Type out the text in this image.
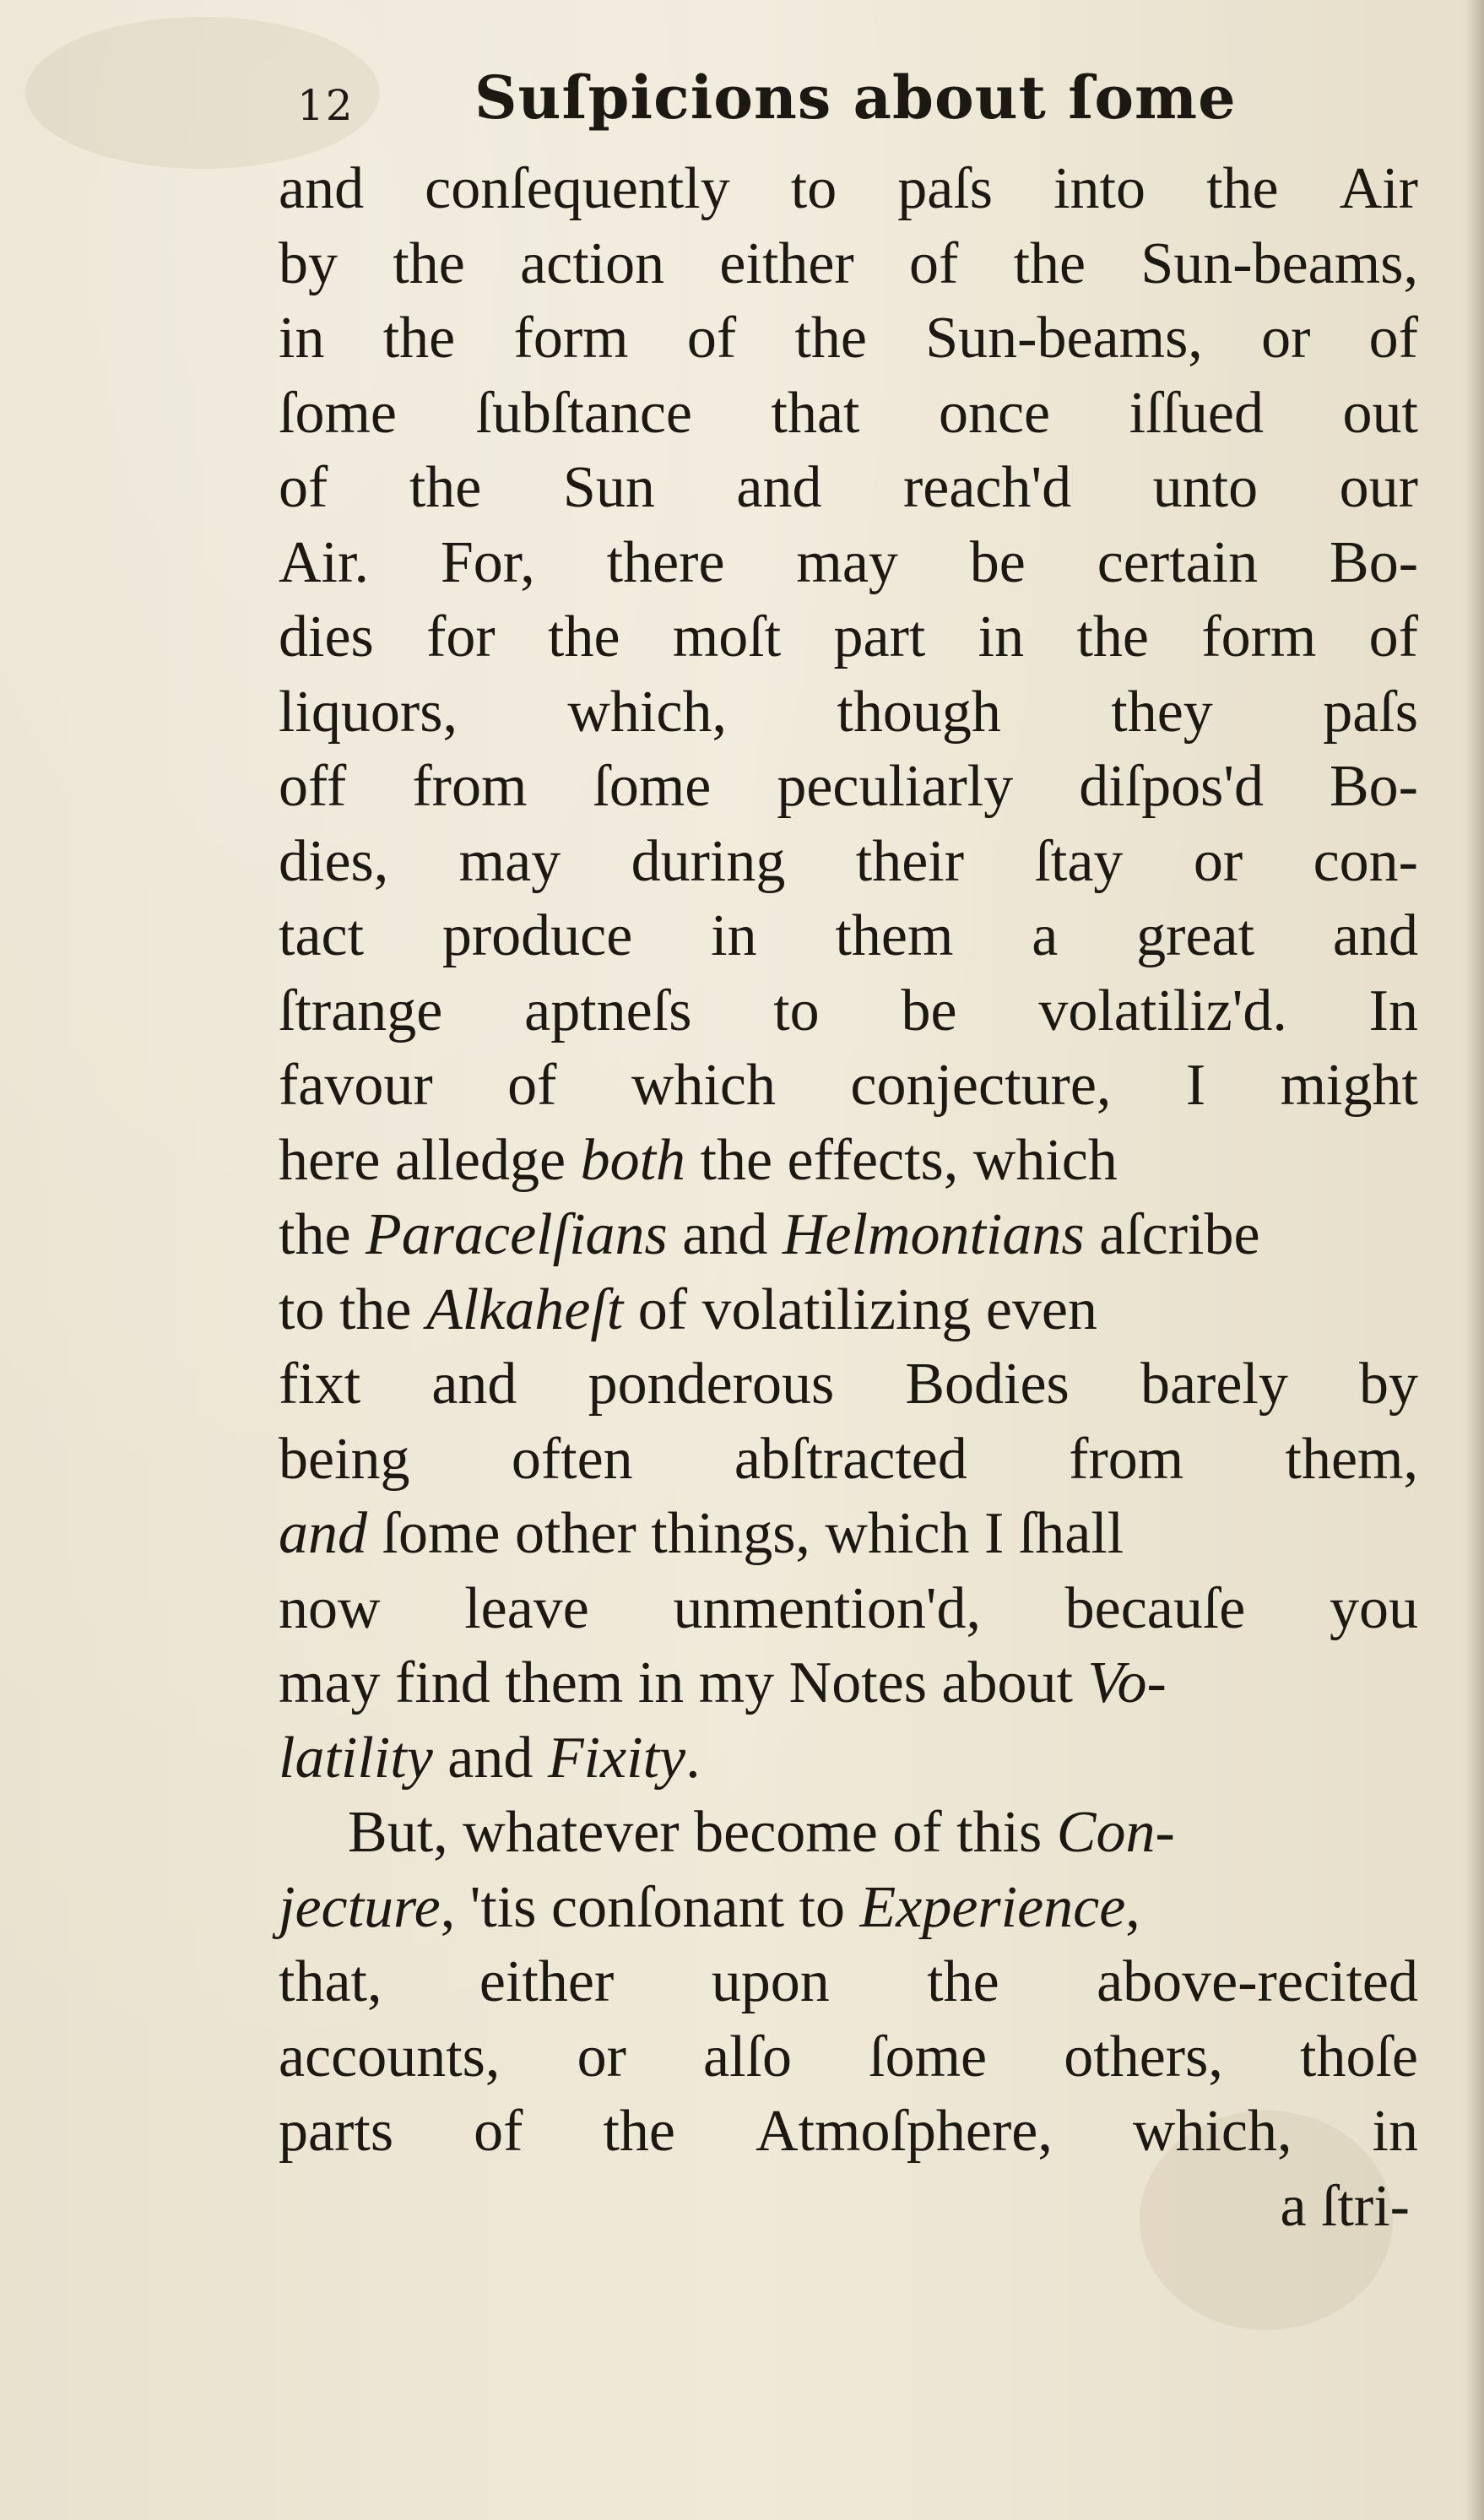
12 Suſpicions about ſome
and conſequently to paſs into the Air
by the action either of the Sun-beams,
in the form of the Sun-beams, or of
ſome ſubſtance that once iſſued out
of the Sun and reach'd unto our
Air. For, there may be certain Bo-
dies for the moſt part in the form of
liquors, which, though they paſs
off from ſome peculiarly diſpos'd Bo-
dies, may during their ſtay or con-
tact produce in them a great and
ſtrange aptneſs to be volatiliz'd. In
favour of which conjecture, I might
here alledge both the effects, which
the Paracelſians and Helmontians aſcribe
to the Alkaheſt of volatilizing even
fixt and ponderous Bodies barely by
being often abſtracted from them,
and ſome other things, which I ſhall
now leave unmention'd, becauſe you
may find them in my Notes about Vo-
latility and Fixity.
But, whatever become of this Con-
jecture, 'tis conſonant to Experience,
that, either upon the above-recited
accounts, or alſo ſome others, thoſe
parts of the Atmoſphere, which, in
a ſtri-
